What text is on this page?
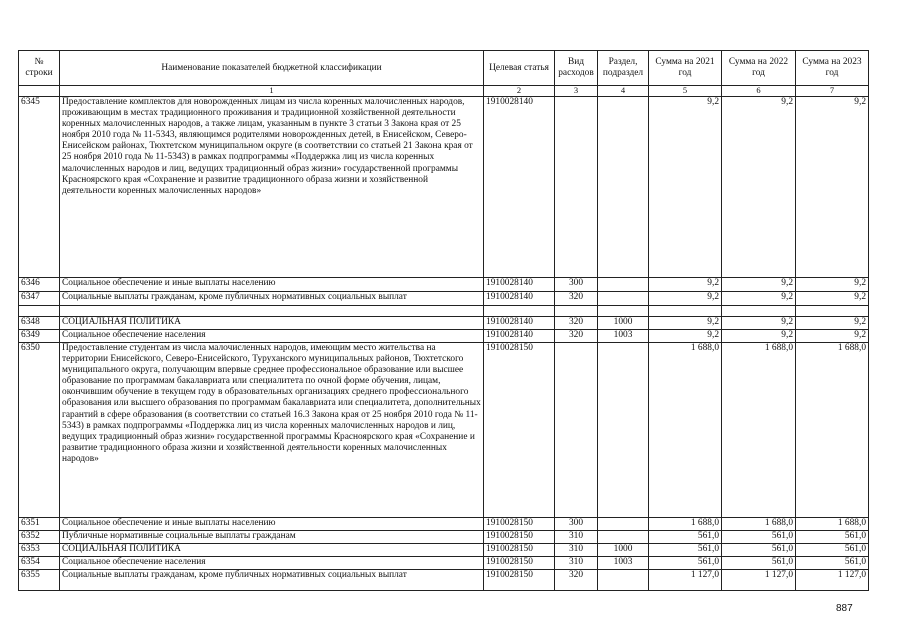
№ строки	Наименование показателей бюджетной классификации	Целевая статья	Вид расходов	Раздел, подраздел	Сумма на 2021 год	Сумма на 2022 год	Сумма на 2023 год
	1	2	3	4	5	6	7
6345	Предоставление комплектов для новорожденных лицам из числа коренных малочисленных народов, проживающим в местах традиционного проживания и традиционной хозяйственной деятельности коренных малочисленных народов, а также лицам, указанным в пункте 3 статьи 3 Закона края от 25 ноября 2010 года № 11-5343, являющимся родителями новорожденных детей, в Енисейском, Северо-Енисейском районах, Тюхтетском муниципальном округе (в соответствии со статьей 21 Закона края от 25 ноября 2010 года № 11-5343) в рамках подпрограммы «Поддержка лиц из числа коренных малочисленных народов и лиц, ведущих традиционный образ жизни» государственной программы Красноярского края «Сохранение и развитие традиционного образа жизни и хозяйственной деятельности коренных малочисленных народов»	1910028140			9,2	9,2	9,2
6346	Социальное обеспечение и иные выплаты населению	1910028140	300		9,2	9,2	9,2
6347	Социальные выплаты гражданам, кроме публичных нормативных социальных выплат	1910028140	320		9,2	9,2	9,2

6348	СОЦИАЛЬНАЯ ПОЛИТИКА	1910028140	320	1000	9,2	9,2	9,2
6349	Социальное обеспечение населения	1910028140	320	1003	9,2	9,2	9,2
6350	Предоставление студентам из числа малочисленных народов, имеющим место жительства на территории Енисейского, Северо-Енисейского, Туруханского муниципальных районов, Тюхтетского муниципального округа, получающим впервые среднее профессиональное образование или высшее образование по программам бакалавриата или специалитета по очной форме обучения, лицам, окончившим обучение в текущем году в образовательных организациях среднего профессионального образования или высшего образования по программам бакалавриата или специалитета, дополнительных гарантий в сфере образования (в соответствии со статьей 16.3 Закона края от 25 ноября 2010 года № 11-5343) в рамках подпрограммы «Поддержка лиц из числа коренных малочисленных народов и лиц, ведущих традиционный образ жизни» государственной программы Красноярского края «Сохранение и развитие традиционного образа жизни и хозяйственной деятельности коренных малочисленных народов»	1910028150			1 688,0	1 688,0	1 688,0
6351	Социальное обеспечение и иные выплаты населению	1910028150	300		1 688,0	1 688,0	1 688,0
6352	Публичные нормативные социальные выплаты гражданам	1910028150	310		561,0	561,0	561,0
6353	СОЦИАЛЬНАЯ ПОЛИТИКА	1910028150	310	1000	561,0	561,0	561,0
6354	Социальное обеспечение населения	1910028150	310	1003	561,0	561,0	561,0
6355	Социальные выплаты гражданам, кроме публичных нормативных социальных выплат	1910028150	320		1 127,0	1 127,0	1 127,0
887
